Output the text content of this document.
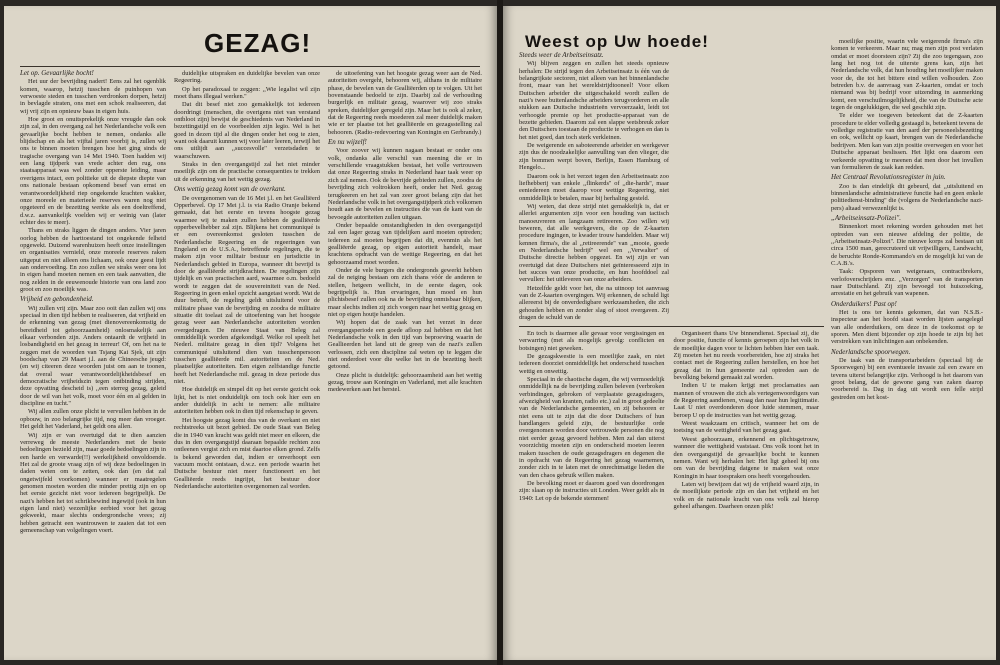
GEZAG!

Let op. Gevaarlijke bocht!

Het uur der bevrijding nadert! Eens zal het ogenblik komen, waarop, hetzij tusschen de puinhopen van verwoeste steden en tusschen verdronken dorpen, hetzij in bevlagde straten, ons met een schok realiseeren, dat wij vrij zijn en opnieuw baas in eigen huis.

Hoe groot en onuitsprekelijk onze vreugde dan ook zijn zal, in den overgang zal het Nederlandsche volk een gevaarlijke bocht hebben te nemen, ondanks alle blijdschap en als het vijftal jaren voorbij is, zullen wij ons te binnen moeten brengen hoe het ging sinds de tragische overgang van 14 Mei 1940. Toen hadden wij een lang tijdperk van vrede achter den rug, ons staatsapparaat was wel zonder opperste leiding, maar overigens intact, een politieke uit de diepste diepte van ons nationale bestaan opkomend besef van ernst en verantwoordelijkheid riep ongekende krachten wakker, onze moreele en materieele reserves waren nog niet opgeteerd en de bezetting werkte als een doeltreffend, d.w.z. aanvankelijk voelden wij er weinig van (later echter des te meer).

Thans en straks liggen de dingen anders. Vier jaren oorlog hebben de harttoestand tot ongekende felheid opgewekt. Duizend warenhuizen heeft onze instellingen en organisaties vernield, onze moreele reserves raken uitgeput en niet alleen ons lichaam, ook onze geest lijdt aan ondervoeding. En zoo zullen we straks weer ons lot in eigen hand moeten nemen en een taak aanvatten, die nog zelden in de eeuwenoude historie van ons land zoo groot en zoo moeilijk was.

Vrijheid en gebondenheid.

Wij zullen vrij zijn. Maar zoo ooit dan zullen wij ons speciaal in dien tijd hebben te realiseeren, dat vrijheid en de erkenning van gezag (met dienovereenkomstig de bereidheid tot gehoorzaamheid) onlosmakelijk aan elkaar verbonden zijn. Anders ontaardt de vrijheid in losbandigheid en het gezag in terreur! Of, om het na te zeggen met de woorden van Tsjang Kai Sjek, uit zijn boodschap van 29 Maart j.l. aan de Chineesche jeugd: (en wij citeeren deze woorden juist om aan te toonen, dat overal waar verantwoordelijkheidsbesef en democratische vrijheidszin tegen ontbinding strijden, deze opvatting descheid is) ,,een sterreg gezag, geleid door de wil van het volk, moet voor één en al gelden in discipline en tucht.''

Wij allen zullen onze plicht te vervullen hebben in de opbouw, in zoo belangrijke tijd, nog meer dan vroeger. Het geldt het Vaderland, het geldt ons allen.

Wij zijn er van overtuigd dat te dien aanzien verreweg de meeste Nederlanders met de beste bedoelingen bezield zijn, maar goede bedoelingen zijn in een harde en verwarde(!!) werkelijkheid onvoldoende. Het zal de groote vraag zijn of wij deze bedoelingen in daden weten om te zetten, ook dan (en dat zal ongetwijfeld voorkomen) wanneer er maatregelen genomen moeten worden die minder prettig zijn en op het eerste gezicht niet voor iedereen begrijpelijk. De nazi's hebben het tot schrikbewind ingewijd (ook in hun eigen land niet) wezenlijke eerbied voor het gezag gekweekt, maar slechts ondergrondsche vrees; zij hebben getracht een wantrouwen te zaaien dat tot een gemeenschap van volgelingen voert.

duidelijke uitspraken en duidelijke bevelen van onze Regeering.

Op het paradoxaal te zeggen: ,,Wie legalist wil zijn moet thans illegaal werken.''

Dat dit besef niet zoo gemakkelijk tot iedereen doordringt (menschen, die overigens niet van verstand ontbloot zijn) bewijst de geschiedenis van Nederland in bezettingstijd en de voorbeelden zijn legio. Wel is het goed in dezen tijd al die dingen onder het oog te zien, want ook daaruit kunnen wij voor later leeren, terwijl het ons uitlijdt aan ,,succesvolle'' verzetsdaden te waarschuwen.

Straks in den overgangstijd zal het niet minder moeilijk zijn om de practische consequenties te trekken uit de erkenning van het wettig gezag.

Ons wettig gezag komt van de overkant.

De overgenomen van de 16 Mei j.l. en het Gealliëerd Opperbevel. Op 17 Mei j.l. is via Radio Oranje bekend gemaakt, dat het eerste en tevens hoogste gezag waarmee wij te maken zullen hebben de gealliëerde opperbevelhebber zal zijn. Blijkens het communiqué is er een overeenkomst gesloten tusschen de Nederlandsche Regeering en de regeeringen van Engeland en de U.S.A., betreffende regelingen, die te maken zijn voor militair bestuur en jurisdictie in Nederlandsch gebied in Europa, wanneer dit bevrijd is door de gealliëerde strijdkrachten. De regelingen zijn tijdelijk en van practischen aard, waarmee o.m. bedoeld wordt te zeggen dat de souvereiniteit van de Ned. Regeering in geen enkel opzicht aangetast wordt. Wat de duur betreft, de regeling geldt uitsluitend voor de militaire phase van de bevrijding en zoodra de militaire situatie dit toelaat zal de uitoefening van het hoogste gezag weer aan Nederlandsche autoriteiten worden overgedragen. De nieuwe Staat van Beleg zal onmiddellijk worden afgekondigd. Welke rol speelt het Nederl. militaire gezag in dien tijd? Volgens het communiqué uitsluitend dien van tusschenpersoon tusschen gealliëerde mil. autoriteiten en de Ned. plaatselijke autoriteiten. Een eigen zelfstandige functie heeft het Nederlandsche mil. gezag in deze periode dus niet.

Hoe duidelijk en simpel dit op het eerste gezicht ook lijkt, het is niet onduidelijk om toch ook hier een en ander duidelijk in acht te nemen: alle militaire autoriteiten hebben ook in dien tijd rekenschap te geven.

Het hoogste gezag komt dus van de overkant en niet rechtstreeks uit bezet gebied. De oude Staat van Beleg die in 1940 van kracht was geldt niet meer en elkeen, die dus in den overgangstijd daaraan bepaalde rechten zou ontleenen vergist zich en mist daartoe elken grond. Zelfs is bekend geworden dat, indien er onverhoopt een vacuum mocht ontstaan, d.w.z. een periode waarin het Duitsche bestuur niet meer functioneert en het Gealliëerde reeds ingrijpt, het bestuur door Nederlandsche autoriteiten overgenomen zal worden.

de uitoefening van het hoogste gezag weer aan de Ned. autoriteiten overgeht, behooren wij, althans in de militaire phase, de bevelen van de Gealliëerden op te volgen. Uit het bovenstaande bedoeld te zijn. Daarbij zal de verhouding burgerlijk en militair gezag, waarover wij zoo straks spreken, duidelijker geregeld zijn. Maar het is ook al zeker, dat de Regeering reeds moederen zal meer duidelijk maken wie er ter plaatse tot het gealliëerde en gezagsstelling zal behooren. (Radio-redevoering van Koningin en Gerbrandy.)

En nu wijzelf!

Voor zoover wij kunnen nagaan bestaat er onder ons volk, ondanks alle verschil van meening die er in verschillende vraagstukken bestaat, het volle vertrouwen dat onze Regeering straks in Nederland haar taak weer op zich zal nemen. Ook de bevrijde gebieden zullen, zoodra de bevrijding zich voltrokken heeft, onder het Ned. gezag terugkeeren en het zal van zeer groot belang zijn dat het Nederlandsche volk in het overgangstijdperk zich volkomen houdt aan de bevelen en instructies die van de kant van de bevoegde autoriteiten zullen uitgaan.

Onder bepaalde omstandigheden in den overgangstijd zal een lager gezag van tijdelijken aard moeten optreden; iedereen zal moeten begrijpen dat dit, evenmin als het gealliëerde gezag, op eigen autoriteit handelt, maar krachtens opdracht van de wettige Regeering, en dat het gehoorzaamd moet worden.

Onder de vele burgers die ondergronds gewerkt hebben zal de neiging bestaan om zich thans vóór de anderen te stellen, hetgeen wellicht, in de eerste dagen, ook begrijpelijk is. Hun ervaringen, hun moed en hun plichtsbesef zullen ook na de bevrijding onmisbaar blijken, maar slechts indien zij zich voegen naar het wettig gezag en niet op eigen houtje handelen.

Wij hopen dat de zaak van het verzet in deze overgangsperiode een goede afloop zal hebben en dat het Nederlandsche volk in den tijd van beproeving waarin de Geallieerden het land uit de greep van de nazi's zullen verlossen, zich een discipline zal weten op te leggen die niet onderdoet voor die welke het in de bezetting heeft getoond.

Onze plicht is duidelijk: gehoorzaamheid aan het wettig gezag, trouw aan Koningin en Vaderland, met alle krachten medewerken aan het herstel.

Weest op Uw hoede!

Steeds weer de Arbeitseinsatz.

Wij blijven zeggen en zullen het steeds opnieuw herhalen: De strijd tegen den Arbeitseinsatz is één van de belangrijkste sectoren, niet alleen van het binnenlandsche front, maar van het wereldstrijdtooneel! Voor elken Duitschen arbeider die uitgeschakeld wordt zullen de nazi's twee buitenlandsche arbeiders terugvorderen en alle stukken aan Duitsche industrieën vervoerzaakt, leidt tot verhoogde premie op het productie-apparaat van de bezette gebieden. Daarom zal een slappe wetsbreuk zeker den Duitschers toestaan de productie te verhogen en dan is het niet goed, dan toch sterk verkleinen.

De weigerende en saboteerende arbeider en werkgever zijn dus de noodzakelijke aanvulling van den vlieger, die zijn bommen werpt boven, Berlijn, Essen Hamburg of Hengelo...

Daarom ook is het verzet tegen den Arbeitseinsatz zoo liefhebberij van enkele ,,flinkerds'' of ,,die-hards'', maar eeniedereen moet daarop voor wettige Regeering, niet onmiddellijk te betalen, maar bij herhaling gesteld.

Wij weten, dat deze strijd niet gemakkelijk is, dat er allerlei argumenten zijn voor een houding van tactisch manoeuvreren en langzaam retireeren. Zoo willen wij beweren, dat alle werkgevers, die op de Z-kaarten procedure ingingen, te kwader trouw handelden. Maar wij kennen firma's, die al ,,retireerende'' van ,,mooie, goede en Nederlandsche bedrijf'' wel een ,,Verwalter'' of Duitsche directie hebben opgezet. En wij zijn er van overtuigd dat deze Duitschers niet geïnteresseerd zijn in het succes van onze productie, en hun hoofddoel zal vervullen: het uitleveren van onze arbeiders.

Hetzelfde geldt voor het, die na uitnoop tot aanvraag van de Z-kaarten overgingen. Wij erkennen, de schuld ligt allereerst bij de onverdedigbare werkzaamheden, die zich gehouden hebben en zonder slag of stoot overgaven. Zij dragen de schuld van de

En toch is daarmee alle gevaar voor vergissingen en verwarring (met als mogelijk gevolg: conflicten en botsingen) niet geweken.

De gezagskwestie is een moeilijke zaak, en niet iedereen doorziet onmiddellijk het onderscheid tusschen wettig en onwettig.

Speciaal in de chaotische dagen, die wij vermoedelijk onmiddellijk na de bevrijding zullen beleven (verbroken verbindingen, gebroken of verplaatste gezagsdragers, afwezigheid van kranten, radio etc.) zal in groot gedeelte van de Nederlandsche gemeenten, en zij behooren er niet eens uit te zijn dat die door Duitschers of hun handlangers geleid zijn, de bestuurlijke orde overgenomen worden door vertrouwde personen die nog niet eerder gezag gevoerd hebben. Men zal dan uiterst voorzichtig moeten zijn en onderscheid moeten leeren maken tusschen de oude gezagsdragers en degenen die in opdracht van de Regeering het gezag waarnemen, zonder zich in te laten met de onrechtmatige lieden die van den chaos gebruik willen maken.

De bevolking moet er daarom goed van doordrongen zijn: slaan op de instructies uit Londen. Weer geldt als in 1940: Let op de bekende stemmen!

Organiseert thans Uw binnendienst. Speciaal zij, die door positie, functie of kennis geroepen zijn het volk in de moeilijke dagen voor te lichten hebben hier een taak. Zij moeten het nu reeds voorbereiden, hoe zij straks het contact met de Regeering zullen herstellen, en hoe het gezag dat in hun gemeente zal optreden aan de bevolking bekend gemaakt zal worden.

Indien U te maken krijgt met proclamaties aan mannen of vrouwen die zich als vertegenwoordigers van de Regeering aandienen, vraag dan naar hun legitimatie. Laat U niet overdonderen door luide stemmen, maar beroep U op de instructies van het wettig gezag.

Weest waakzaam en critisch, wanneer het om de toetsing van de wettigheid van het gezag gaat.

Weest gehoorzaam, erkennend en plichtsgetrouw, wanneer die wettigheid vaststaat. Ons volk toont het in den overgangstijd de gevaarlijke bocht te kunnen nemen. Want wij herhalen het: Het ligt geheel bij ons om van de bevrijding datgene te maken wat onze Koningin in haar toespraken ons heeft voorgehouden.

Laten wij bewijzen dat wij de vrijheid waard zijn, in de moeilijkste periode zijn en dan het vrijheid en het volk en de nationale kracht van ons volk zal hierop geheel afhangen. Daarheen onzen plik!

moeilijke positie, waarin vele weigerende firma's zijn komen te verkeeren. Maar nu; mag men zijn post verlaten omdat er moet doorsteen zijn? Zij die zoo tegengaan, zoo lang het nog tot de uiterste grens kan, zijn het Nederlandsche volk, dat hun houding het moeilijker maken voor de, die tot het bittere eind willen volhouden. Zoo betreden b.v. de aanvraag van Z-kaarten, omdat er toch niemand was bij bedrijf voor uitzending in aanmerking komt, een verschuilmogelijkheid, die van de Duitsche acte tegen de ongelukkigen, die wel geschikt zijn.

Te elder we toegeven beteekent dat de Z-kaarten procedure te elder volledig gestaagd is, beteekent tevens de volledige registratie van den aard der personeelsbezetting en ook, wellicht op kaart, brengen van de Nederlandsche bedrijven. Men kan van zijn positie overwegen en voor het Duitsche apparaat beslissen. Het lijkt ons daarom een verkeerde opvatting te meenen dat men door het invullen van formulieren de zaak kan redden.

Het Centraal Revolutionsregister in juin.

Zoo is dan eindelijk dit gebeurd, dat ,,uitsluitend en binnenlandsche administratieve functie had en geen enkele politiedienst-binding'' die (volgens de Nederlandsche nazi-pers) altaad verwezenlijkt is.

„Arbeitseinsatz-Polizei".

Binnenkort moet rekening worden gehouden met het optreden van een nieuwe afdeling der politie, de ,,Arbeitseinsatz-Polizei''. Die nieuwe korps zal bestaan uit circa 1500 man, gerecruteerd uit vrijwilligers, Landwacht, de beruchte Ronde-Kommando's en de mogelijk lui van de C.A.B.'s.

Taak: Opsporen van weigeraars, contractbrekers, verlofoverschrijders enz. ,,Verzorgen'' van de transporten naar Duitschland. Zij zijn bevoegd tot huiszoeking, arrestatie en het gebruik van wapenen.

Onderduikers! Past op!

Het is ons ter kennis gekomen, dat van N.S.B.-inspecteur aan het hoofd staat worden lijsten aangelegd van alle onderduikers, om deze in de toekomst op te sporen. Men dient bijzonder op zijn hoede te zijn bij het verstrekken van inlichtingen aan onbekenden.

Nederlandsche spoorwegen.

De taak van de transportarbeiders (speciaal bij de Spoorwegen) bij een eventueele invasie zal een zware en tevens uiterst belangrijke zijn. Verhoogd is het daarom van groot belang, dat de gewone gang van zaken daarop voorbereid is. Dag in dag uit wordt een felle strijd gestreden om het kost-
